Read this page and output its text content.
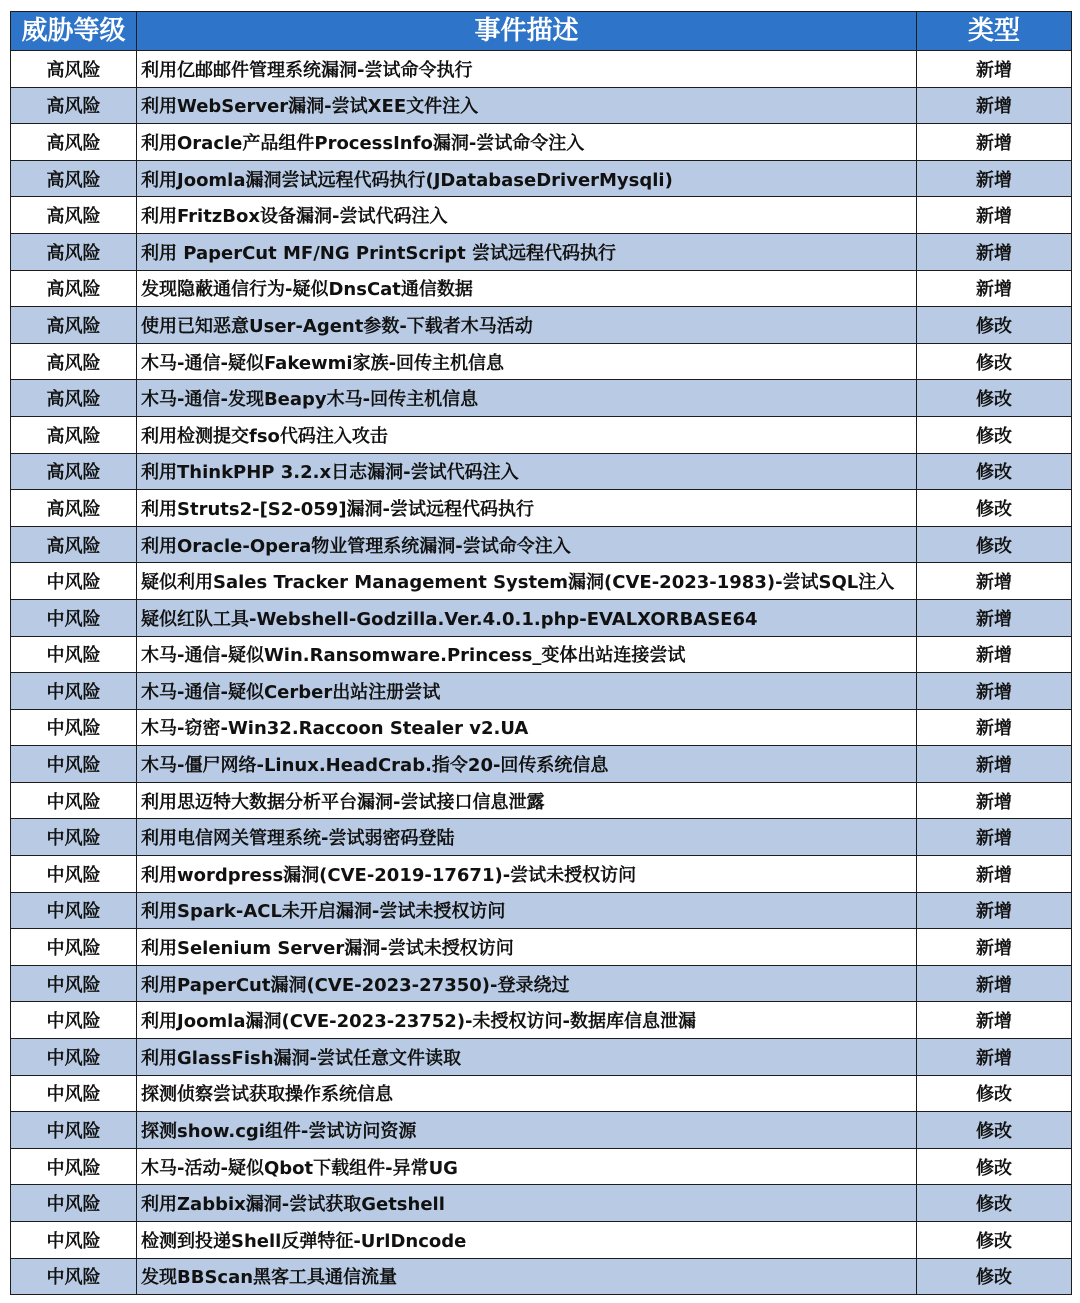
威胁等级	事件描述	类型
高风险	利用亿邮邮件管理系统漏洞-尝试命令执行	新增
高风险	利用WebServer漏洞-尝试XEE文件注入	新增
高风险	利用Oracle产品组件ProcessInfo漏洞-尝试命令注入	新增
高风险	利用Joomla漏洞尝试远程代码执行(JDatabaseDriverMysqli)	新增
高风险	利用FritzBox设备漏洞-尝试代码注入	新增
高风险	利用 PaperCut MF/NG PrintScript 尝试远程代码执行	新增
高风险	发现隐蔽通信行为-疑似DnsCat通信数据	新增
高风险	使用已知恶意User-Agent参数-下载者木马活动	修改
高风险	木马-通信-疑似Fakewmi家族-回传主机信息	修改
高风险	木马-通信-发现Beapy木马-回传主机信息	修改
高风险	利用检测提交fso代码注入攻击	修改
高风险	利用ThinkPHP 3.2.x日志漏洞-尝试代码注入	修改
高风险	利用Struts2-[S2-059]漏洞-尝试远程代码执行	修改
高风险	利用Oracle-Opera物业管理系统漏洞-尝试命令注入	修改
中风险	疑似利用Sales Tracker Management System漏洞(CVE-2023-1983)-尝试SQL注入	新增
中风险	疑似红队工具-Webshell-Godzilla.Ver.4.0.1.php-EVALXORBASE64	新增
中风险	木马-通信-疑似Win.Ransomware.Princess_变体出站连接尝试	新增
中风险	木马-通信-疑似Cerber出站注册尝试	新增
中风险	木马-窃密-Win32.Raccoon Stealer v2.UA	新增
中风险	木马-僵尸网络-Linux.HeadCrab.指令20-回传系统信息	新增
中风险	利用思迈特大数据分析平台漏洞-尝试接口信息泄露	新增
中风险	利用电信网关管理系统-尝试弱密码登陆	新增
中风险	利用wordpress漏洞(CVE-2019-17671)-尝试未授权访问	新增
中风险	利用Spark-ACL未开启漏洞-尝试未授权访问	新增
中风险	利用Selenium Server漏洞-尝试未授权访问	新增
中风险	利用PaperCut漏洞(CVE-2023-27350)-登录绕过	新增
中风险	利用Joomla漏洞(CVE-2023-23752)-未授权访问-数据库信息泄漏	新增
中风险	利用GlassFish漏洞-尝试任意文件读取	新增
中风险	探测侦察尝试获取操作系统信息	修改
中风险	探测show.cgi组件-尝试访问资源	修改
中风险	木马-活动-疑似Qbot下载组件-异常UG	修改
中风险	利用Zabbix漏洞-尝试获取Getshell	修改
中风险	检测到投递Shell反弹特征-UrlDncode	修改
中风险	发现BBScan黑客工具通信流量	修改
